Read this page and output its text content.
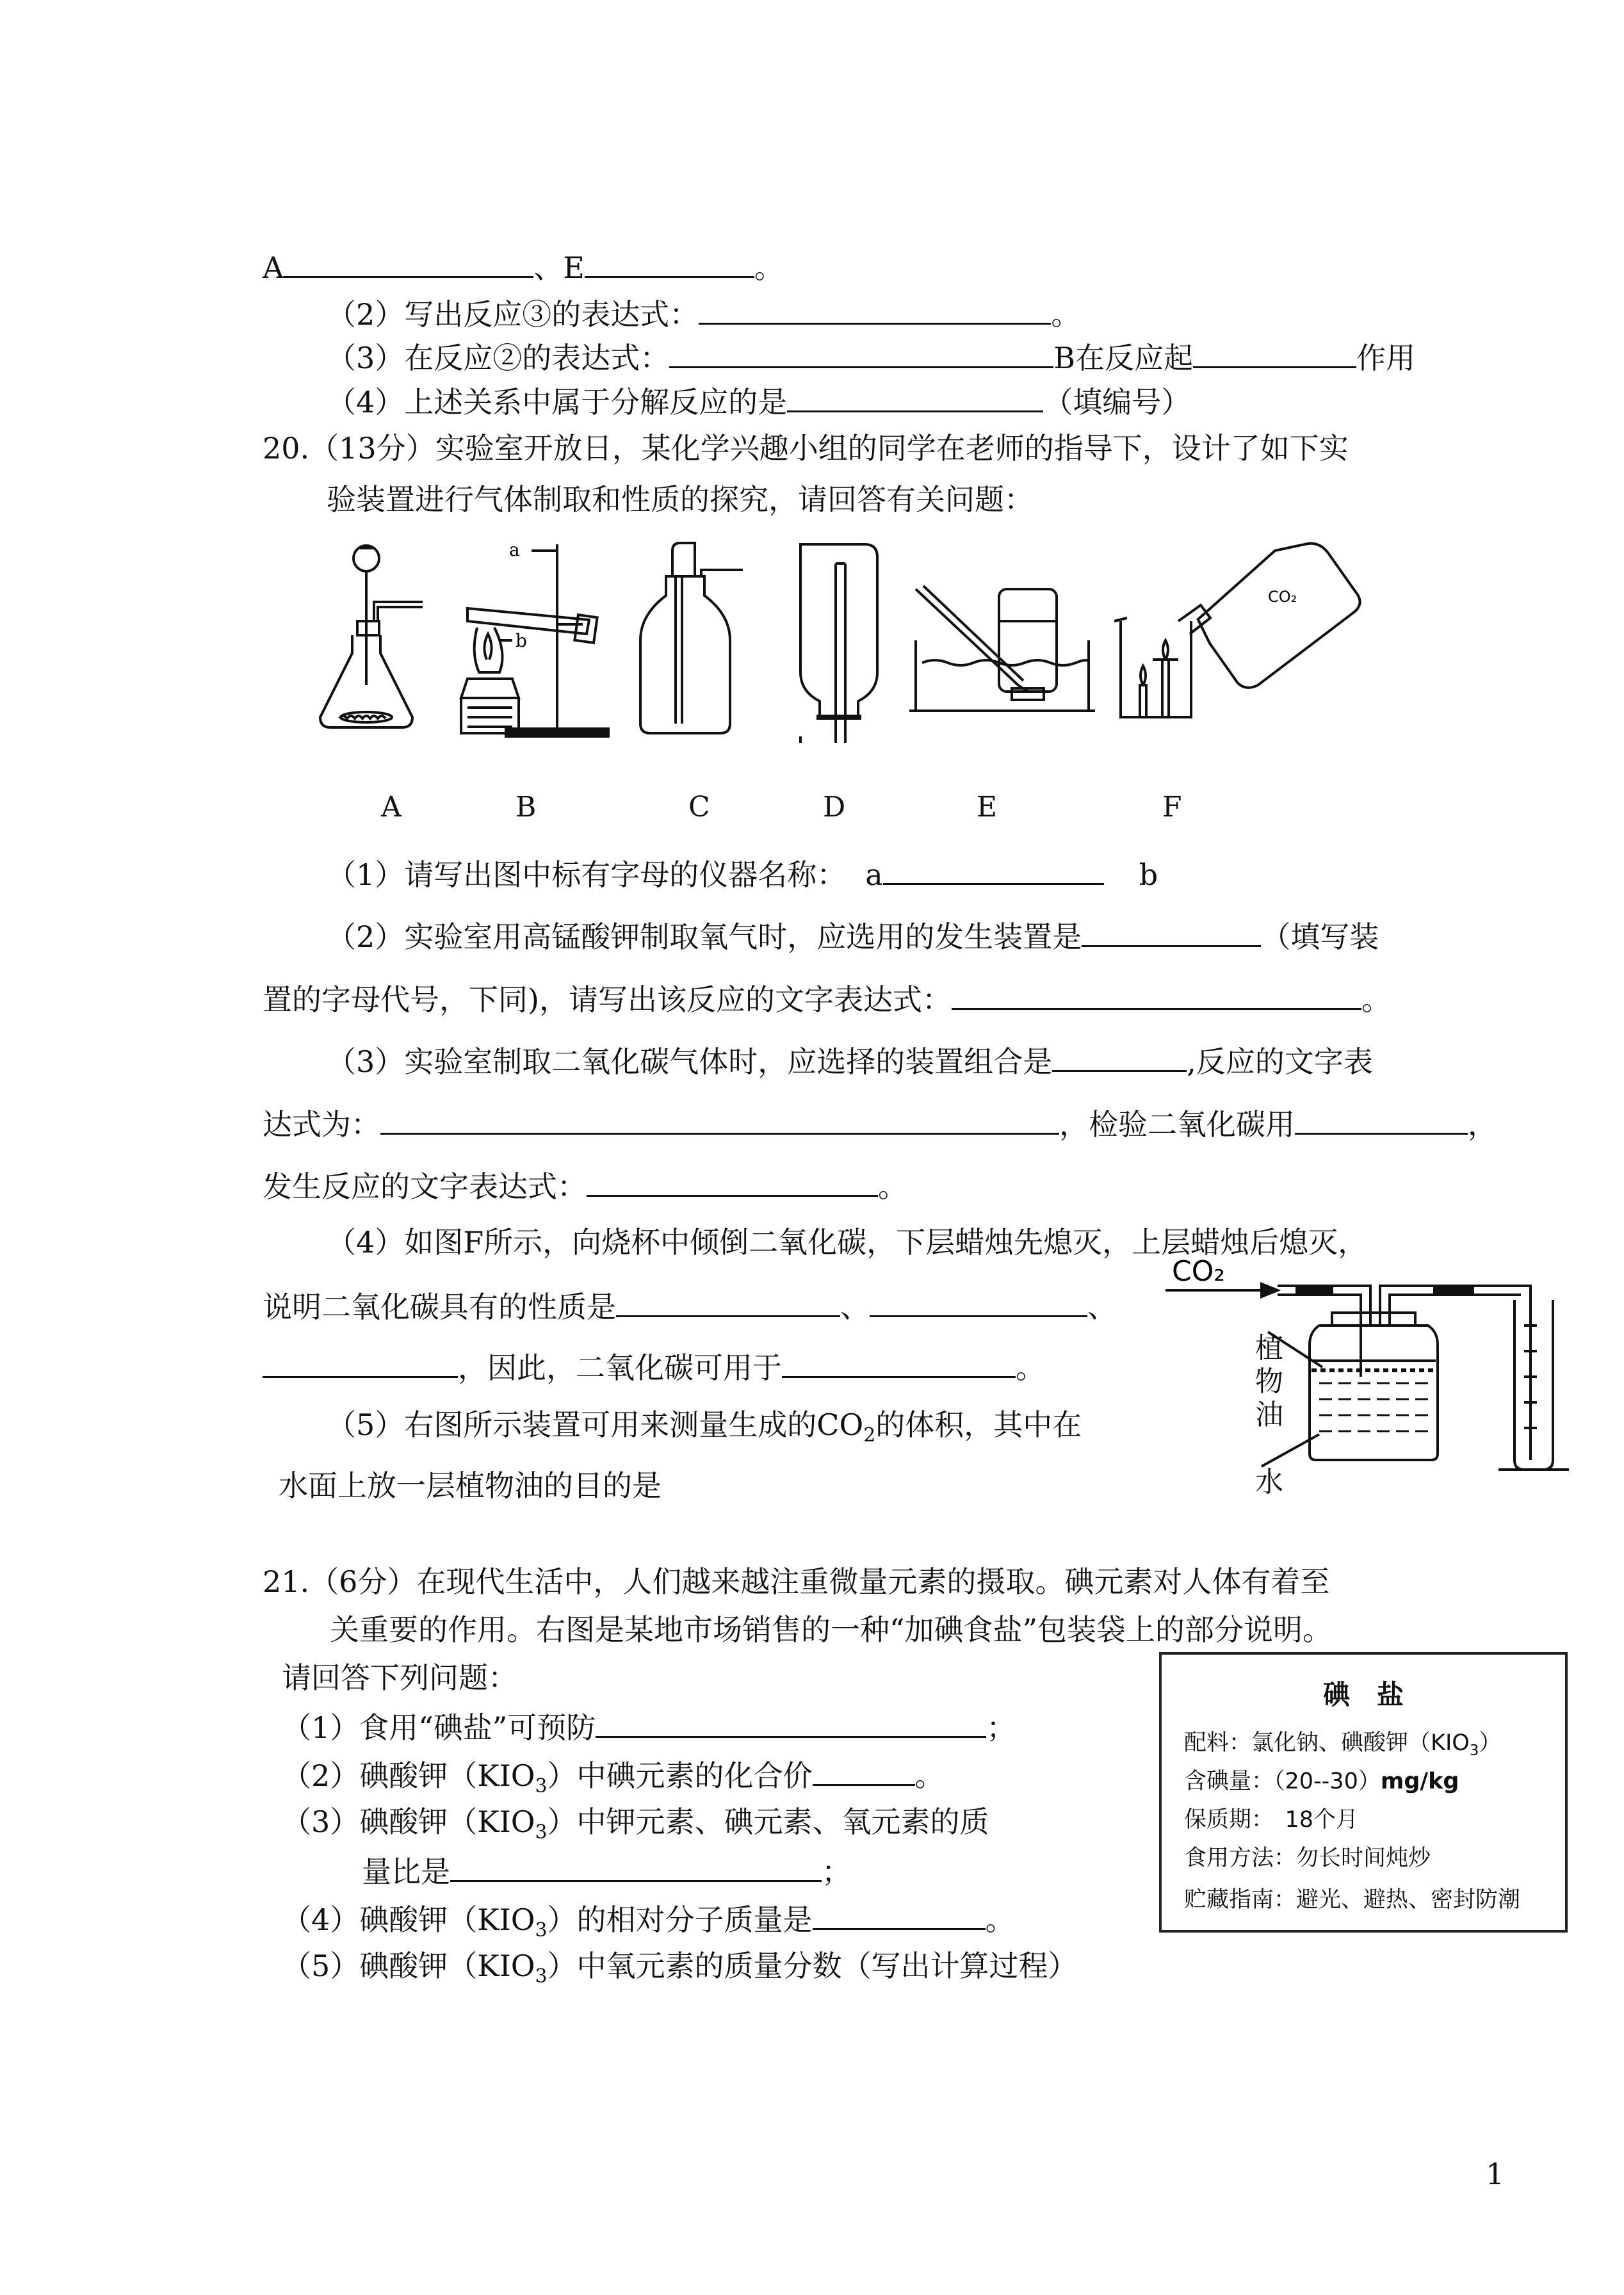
A	、E	。
（2）写出反应③的表达式：	。
（3）在反应②的表达式：	B在反应起	作用
（4）上述关系中属于分解反应的是	（填编号）
20.（13分）实验室开放日，某化学兴趣小组的同学在老师的指导下，设计了如下实
验装置进行气体制取和性质的探究，请回答有关问题：
CO₂
a
b
A	B	C	D	E	F
（1）请写出图中标有字母的仪器名称： a	b
（2）实验室用高锰酸钾制取氧气时，应选用的发生装置是	（填写装
置的字母代号，下同)，请写出该反应的文字表达式：	。
（3）实验室制取二氧化碳气体时，应选择的装置组合是	,反应的文字表
达式为：	，检验二氧化碳用	，
发生反应的文字表达式：	。
（4）如图F所示，向烧杯中倾倒二氧化碳，下层蜡烛先熄灭，上层蜡烛后熄灭，
说明二氧化碳具有的性质是	、	、
，因此，二氧化碳可用于	。
（5）右图所示装置可用来测量生成的$CO_2$的体积，其中在
水面上放一层植物油的目的是
CO₂
植物油
水
21.（6分）在现代生活中，人们越来越注重微量元素的摄取。碘元素对人体有着至
关重要的作用。右图是某地市场销售的一种“加碘食盐”包装袋上的部分说明。
请回答下列问题：
（1）食用“碘盐”可预防	；
（2）碘酸钾$(KIO_3)$中碘元素的化合价	。
（3）碘酸钾$(KIO_3)$中钾元素、碘元素、氧元素的质
量比是	；
（4）碘酸钾$(KIO_3)$的相对分子质量是	。
（5）碘酸钾$(KIO_3)$中氧元素的质量分数（写出计算过程）
碘　盐
配料：氯化钠、碘酸钾$(KIO_3)$
含碘量：（20--30）mg/kg
保质期：　18个月
食用方法：勿长时间炖炒
贮藏指南：避光、避热、密封防潮
1
